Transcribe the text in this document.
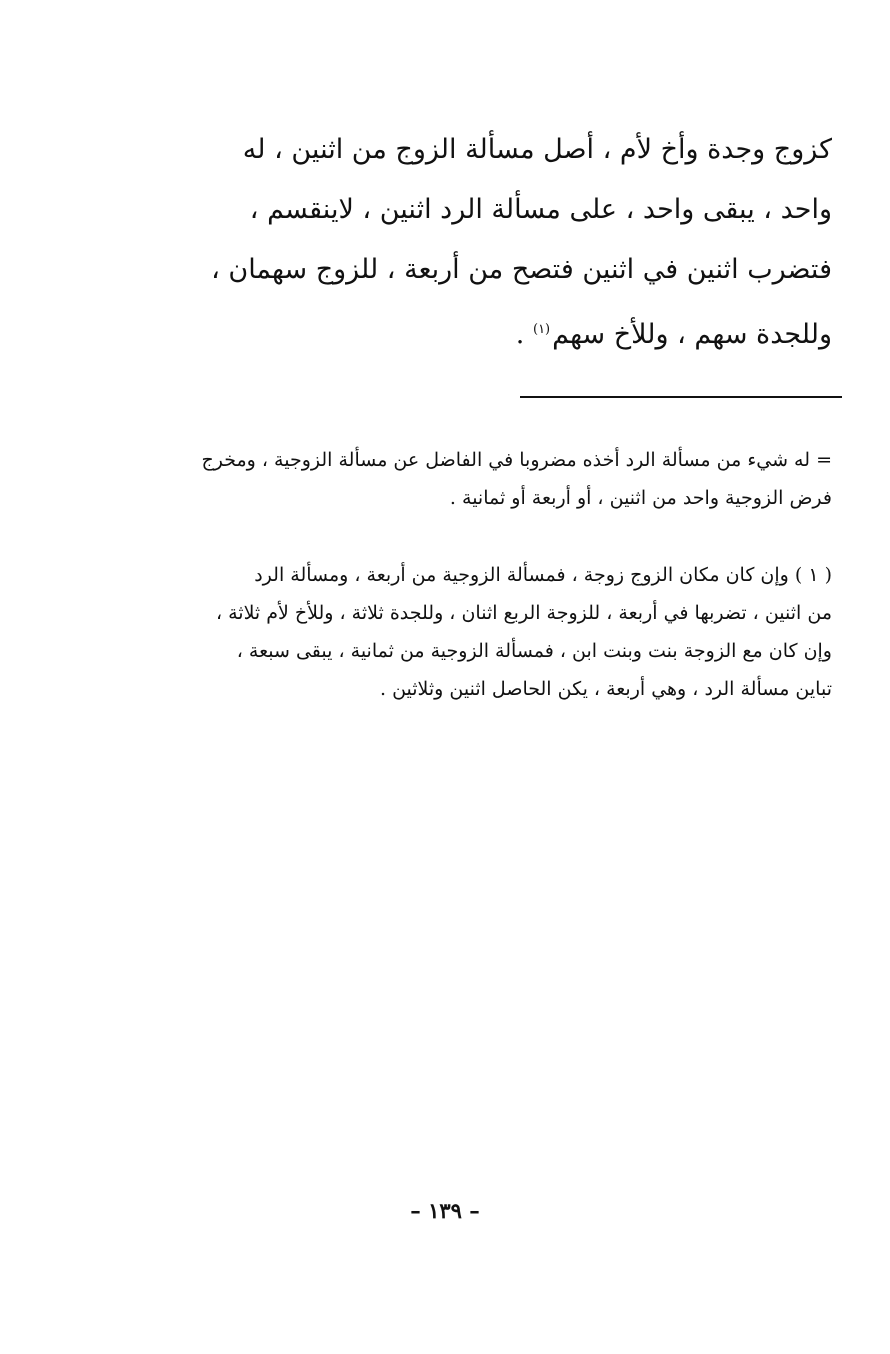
كزوج وجدة وأخ لأم ، أصل مسألة الزوج من اثنين ، له
واحد ، يبقى واحد ، على مسألة الرد اثنين ، لاينقسم ،
فتضرب اثنين في اثنين فتصح من أربعة ، للزوج سهمان ،
وللجدة سهم ، وللأخ سهم$^{(١)}$ .
= له شيء من مسألة الرد أخذه مضروبا في الفاضل عن مسألة الزوجية ، ومخرج
فرض الزوجية واحد من اثنين ، أو أربعة أو ثمانية .
( ١ ) وإن كان مكان الزوج زوجة ، فمسألة الزوجية من أربعة ، ومسألة الرد
من اثنين ، تضربها في أربعة ، للزوجة الربع اثنان ، وللجدة ثلاثة ، وللأخ لأم ثلاثة ،
وإن كان مع الزوجة بنت وبنت ابن ، فمسألة الزوجية من ثمانية ، يبقى سبعة ،
تباين مسألة الرد ، وهي أربعة ، يكن الحاصل اثنين وثلاثين .
– ١٣٩ –
